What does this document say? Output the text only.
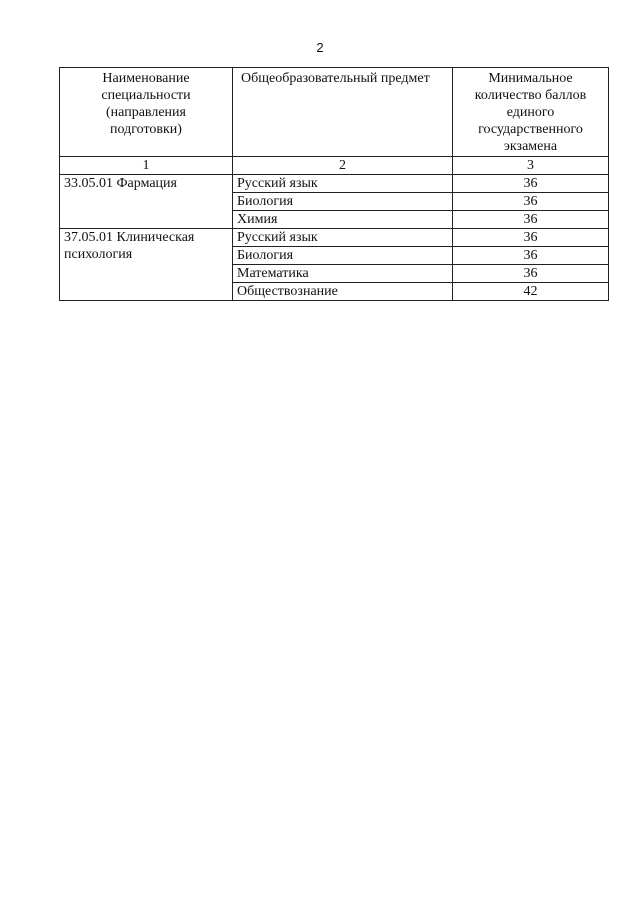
2
Наименование специальности (направления подготовки)	Общеобразовательный предмет	Минимальное количество баллов единого государственного экзамена

1	2	3
33.05.01 Фармация	Русский язык	36
	Биология	36
	Химия	36
37.05.01 Клиническая психология	Русский язык	36
	Биология	36
	Математика	36
	Обществознание	42
